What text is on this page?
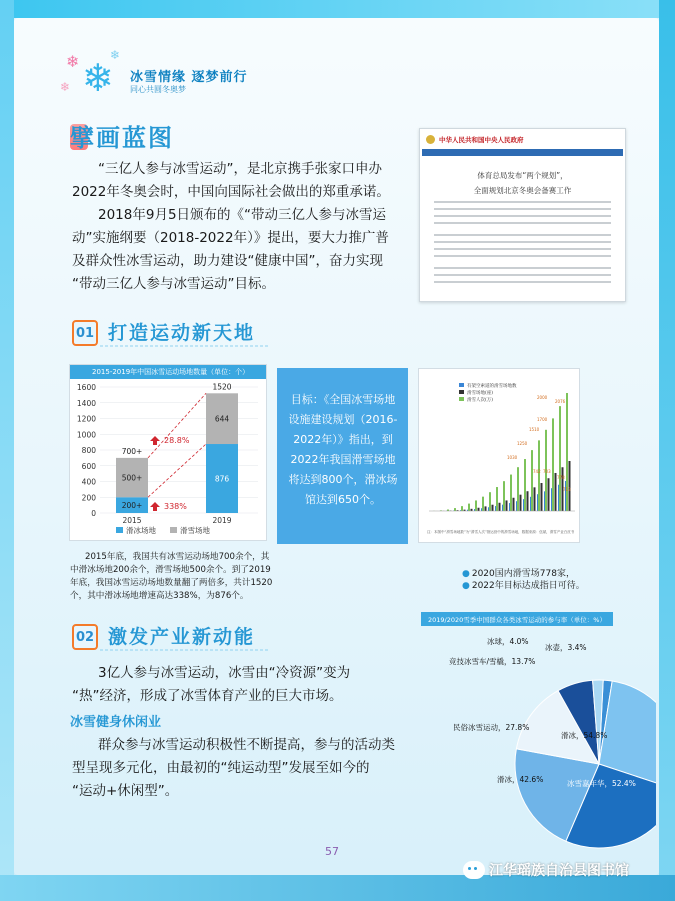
❄
❄
❄
❄
冰雪情缘 逐梦前行
同心共圆冬奥梦
擘画蓝图
“三亿人参与冰雪运动”，是北京携手张家口申办
2022年冬奥会时，中国向国际社会做出的郑重承诺。
2018年9月5日颁布的《“带动三亿人参与冰雪运
动”实施纲要（2018-2022年）》提出，要大力推广普
及群众性冰雪运动，助力建设“健康中国”，奋力实现
“带动三亿人参与冰雪运动”目标。
中华人民共和国中央人民政府
体育总局发布“两个规划”，
全面规划北京冬奥会备赛工作
01 打造运动新天地
2015-2019年中国冰雪运动场地数量（单位：个）
0
200
400
600
800
1000
1200
1400
1600
2015
200+
500+
700+
2019
876
644
1520
28.8%
338%
滑冰场地	滑雪场地
目标：《全国冰雪场地设施建设规划（2016-2022年）》指出，到2022年我国滑雪场地将达到800个，滑冰场馆达到650个。
有架空索道的滑雪场地数
滑雪场地(座)
滑雪人次(万)
2000
2076
1700
1510
1250
1030
703
778
742
713
注：本图中“滑雪场地数”为“滑雪人次”指运营中的滑雪场地，数据来源：伍斌，滑雪产业白皮书
2015年底，我国共有冰雪运动场地700余个，其
中滑冰场地200余个，滑雪场地500余个。到了2019
年底，我国冰雪运动场地数量翻了两倍多，共计1520
个，其中滑冰场地增速高达338%，为876个。
● 2020国内滑雪场778家，
● 2022年目标达成指日可待。
02 激发产业新动能
3亿人参与冰雪运动，冰雪由“冷资源”变为
“热”经济，形成了冰雪体育产业的巨大市场。
冰雪健身休闲业
群众参与冰雪运动积极性不断提高，参与的活动类
型呈现多元化，由最初的“纯运动型”发展至如今的
“运动+休闲型”。
2019/2020雪季中国群众各类冰雪运动的参与率（单位：%）
滑冰，54.8%
冰雪嘉年华，52.4%
滑冰，42.6%
民俗冰雪运动，27.8%
竞技冰雪车/雪橇，13.7%
冰球，4.0%
冰壶，3.4%
57
江华瑶族自治县图书馆
